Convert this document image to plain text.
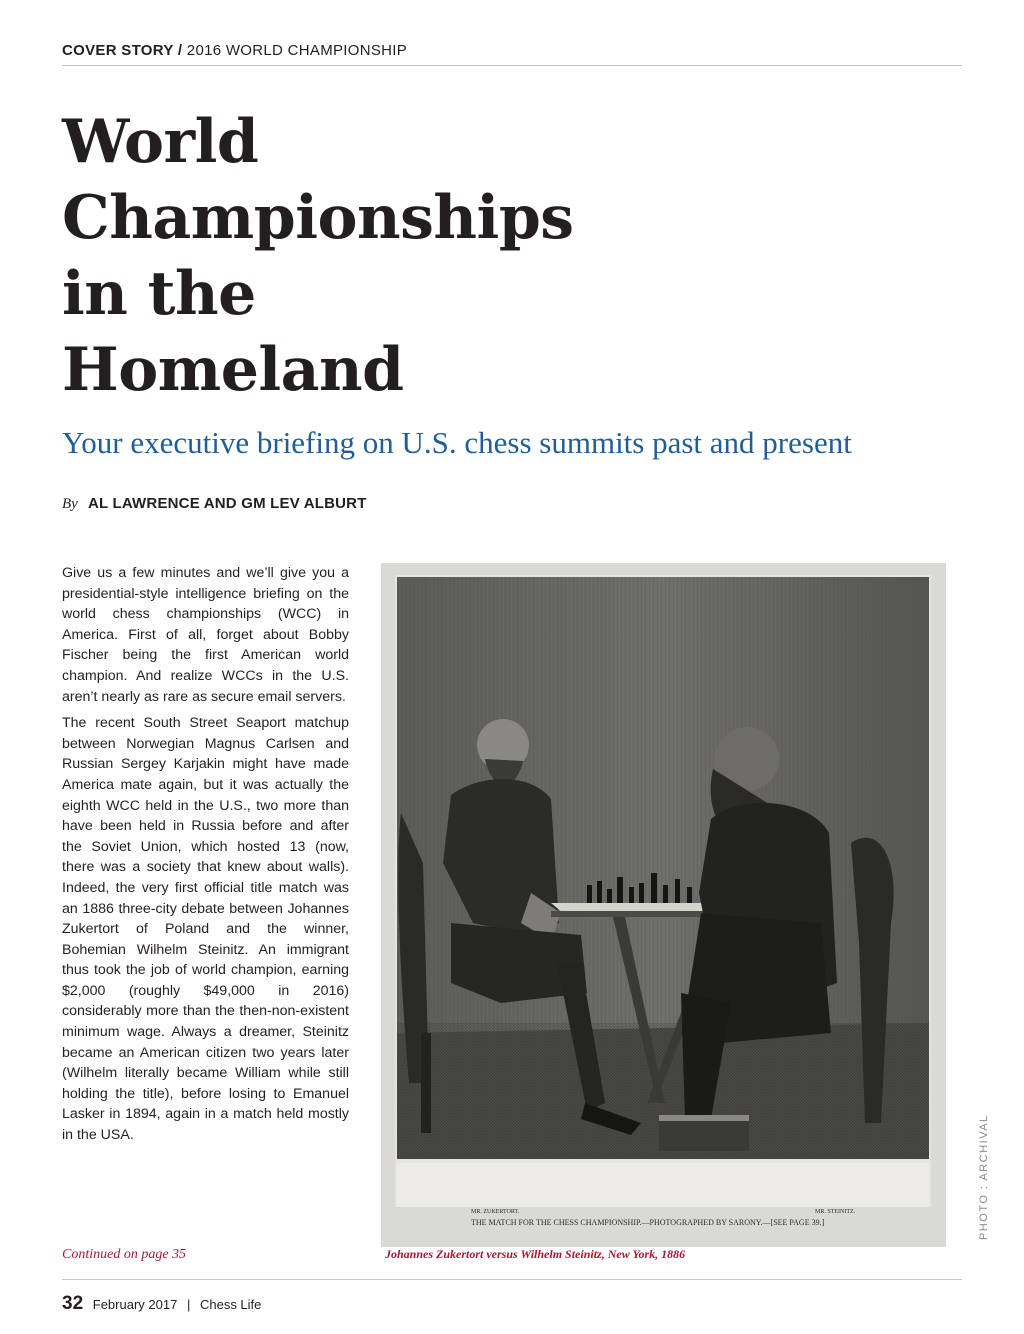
COVER STORY / 2016 WORLD CHAMPIONSHIP
World
Championships
in the
Homeland
Your executive briefing on U.S. chess summits past and present
By AL LAWRENCE AND GM LEV ALBURT

Give us a few minutes and we’ll give you a presidential-style intelligence briefing on the world chess championships (WCC) in America. First of all, forget about Bobby Fischer being the first American world champion. And realize WCCs in the U.S. aren’t nearly as rare as secure email servers.

The recent South Street Seaport matchup between Norwegian Magnus Carlsen and Russian Sergey Karjakin might have made America mate again, but it was actually the eighth WCC held in the U.S., two more than have been held in Russia before and after the Soviet Union, which hosted 13 (now, there was a society that knew about walls). Indeed, the very first official title match was an 1886 three-city debate between Johannes Zukertort of Poland and the winner, Bohemian Wilhelm Steinitz. An immigrant thus took the job of world champion, earning $2,000 (roughly $49,000 in 2016) considerably more than the then-non-existent minimum wage. Always a dreamer, Steinitz became an American citizen two years later (Wilhelm literally became William while still holding the title), before losing to Emanuel Lasker in 1894, again in a match held mostly in the USA.

Continued on page 35
MR. ZUKERTORT.	MR. STEINITZ.
THE MATCH FOR THE CHESS CHAMPIONSHIP.—PHOTOGRAPHED BY SARONY.—[SEE PAGE 39.]
Johannes Zukertort versus Wilhelm Steinitz, New York, 1886
PHOTO : ARCHIVAL
32 February 2017 | Chess Life
